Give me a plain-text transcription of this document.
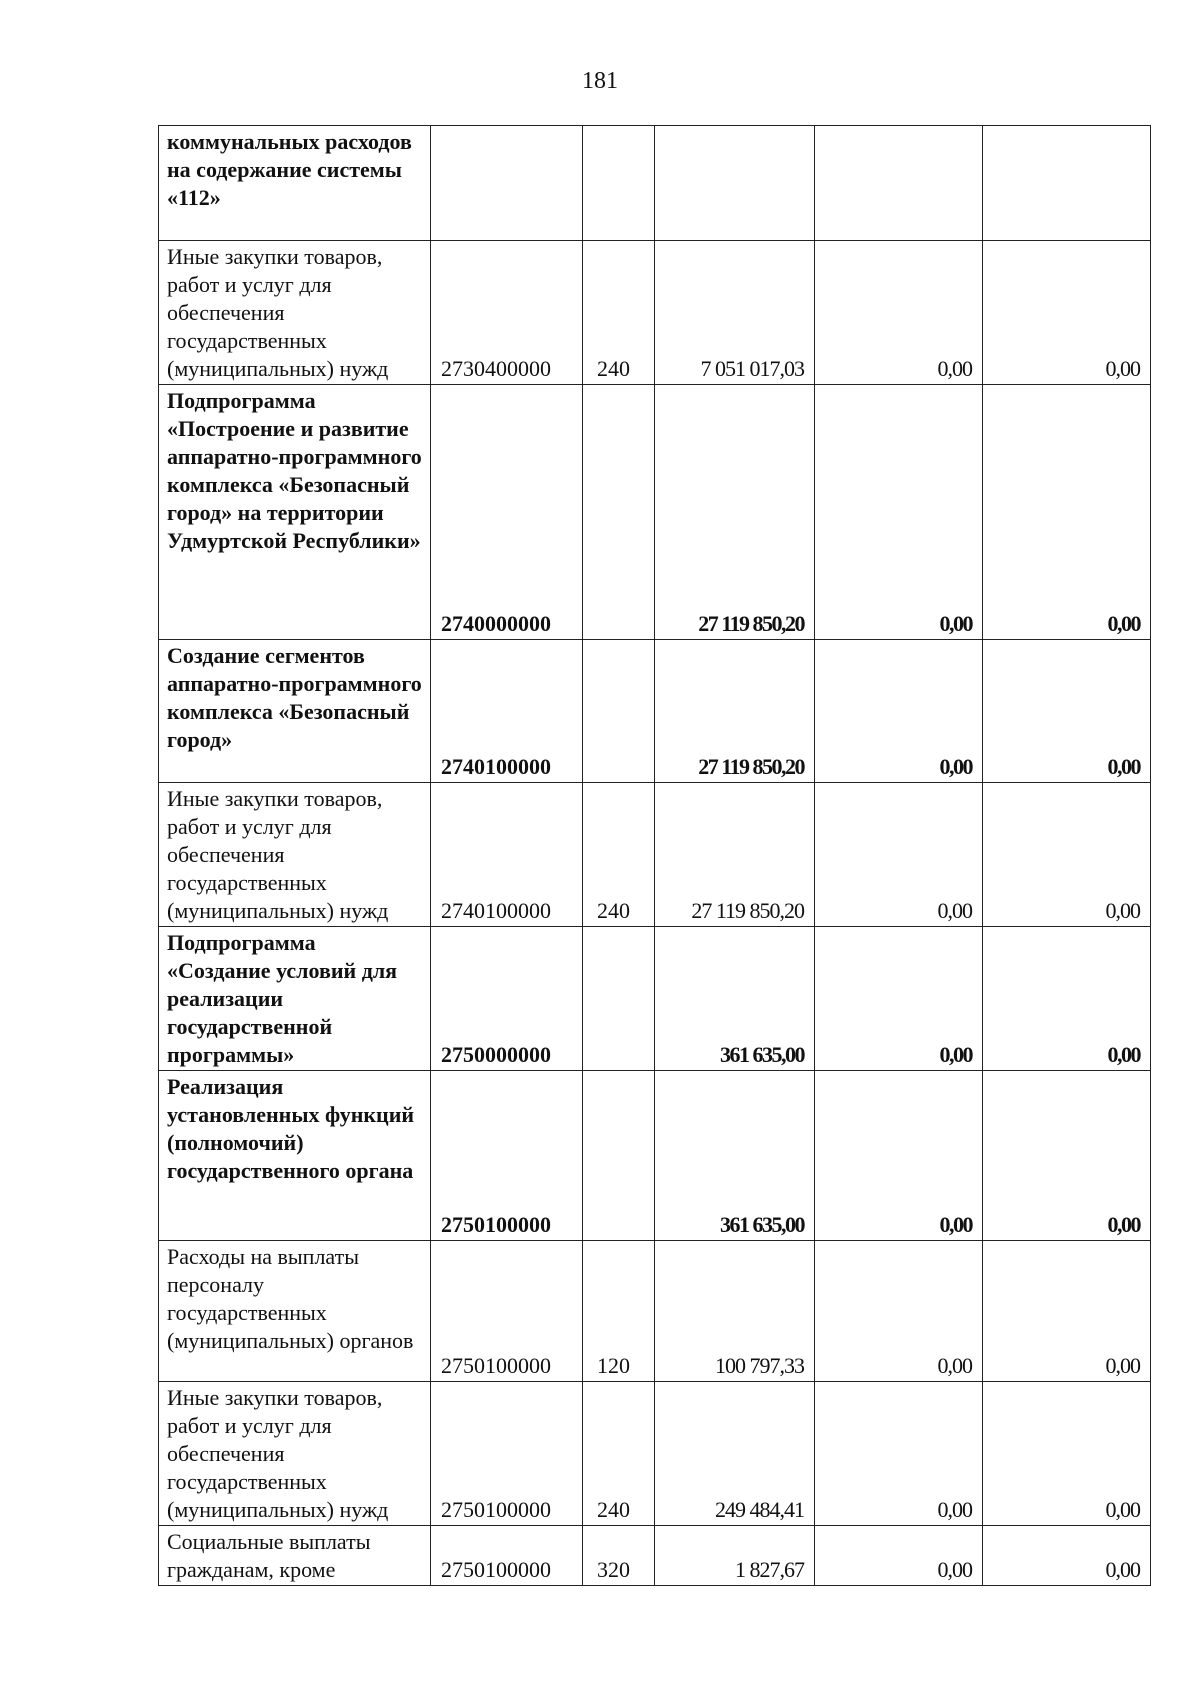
181
коммунальных расходов на содержание системы «112»					
Иные закупки товаров, работ и услуг для обеспечения государственных (муниципальных) нужд	2730400000	240	7 051 017,03	0,00	0,00
Подпрограмма «Построение и развитие аппаратно-программного комплекса «Безопасный город» на территории Удмуртской Республики»	2740000000		27 119 850,20	0,00	0,00
Создание сегментов аппаратно-программного комплекса «Безопасный город»	2740100000		27 119 850,20	0,00	0,00
Иные закупки товаров, работ и услуг для обеспечения государственных (муниципальных) нужд	2740100000	240	27 119 850,20	0,00	0,00
Подпрограмма «Создание условий для реализации государственной программы»	2750000000		361 635,00	0,00	0,00
Реализация установленных функций (полномочий) государственного органа	2750100000		361 635,00	0,00	0,00
Расходы на выплаты персоналу государственных (муниципальных) органов	2750100000	120	100 797,33	0,00	0,00
Иные закупки товаров, работ и услуг для обеспечения государственных (муниципальных) нужд	2750100000	240	249 484,41	0,00	0,00
Социальные выплаты гражданам, кроме	2750100000	320	1 827,67	0,00	0,00
